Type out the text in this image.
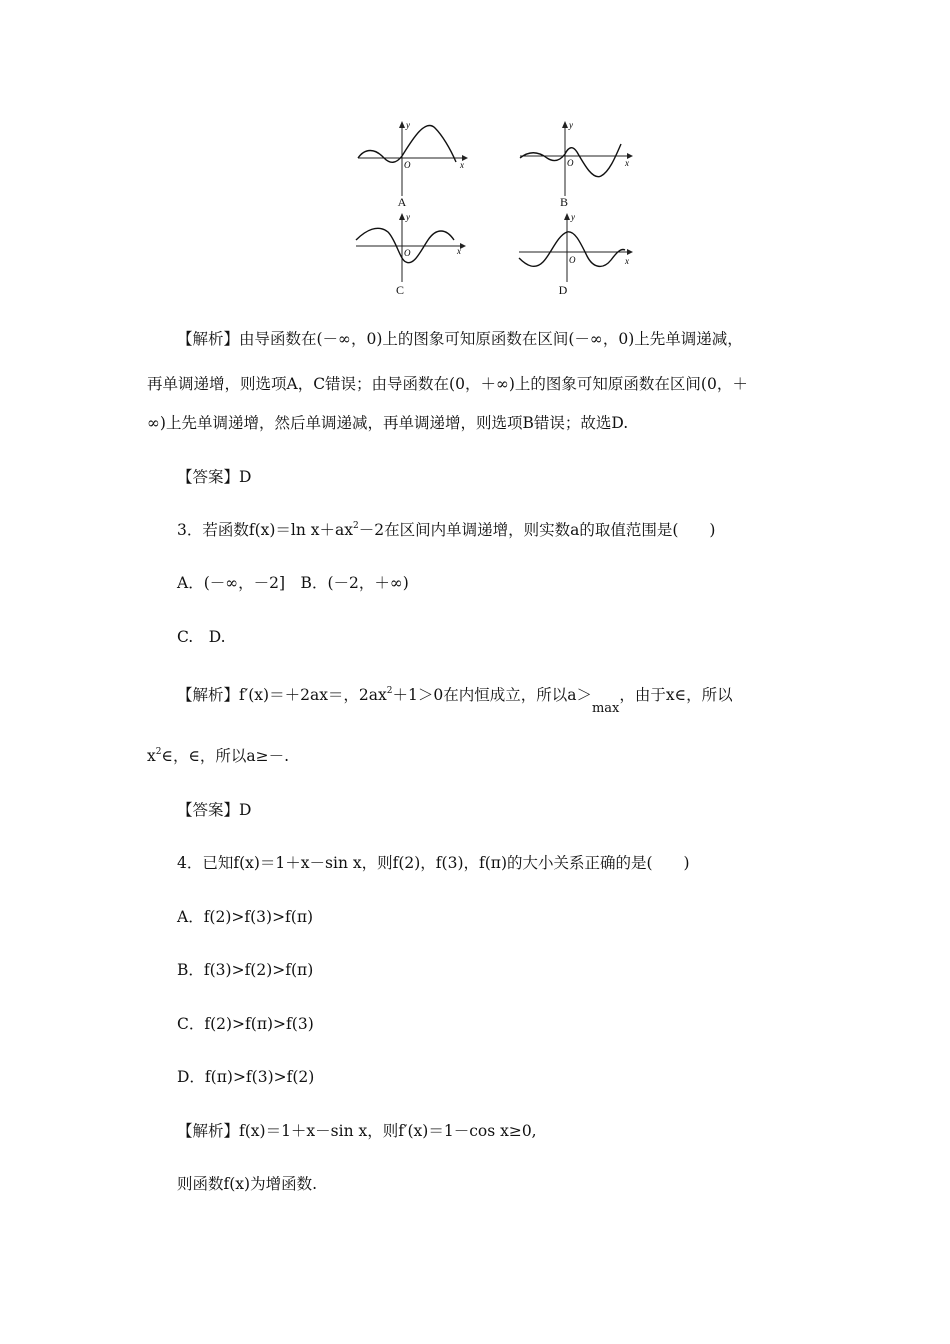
y
x
O
A
y
x
O
B
y
x
O
C
y
x
O
D
【解析】由导函数在(－∞，0)上的图象可知原函数在区间(－∞，0)上先单调递减，
再单调递增，则选项A，C错误；由导函数在(0，＋∞)上的图象可知原函数在区间(0，＋
∞)上先单调递增，然后单调递减，再单调递增，则选项B错误；故选D.
【答案】D
3．若函数f(x)＝ln $x+ax^2-2$在区间内单调递增，则实数a的取值范围是(　　)
A．(－∞，－2]　B．(－2，＋∞)
C.　D.
【解析】f′(x)＝＋2ax＝，$2ax^2+1>0$在内恒成立，所以$a>_{max}$，由于x∈，所以
$x^2\in$，∈，所以a≥－.
【答案】D
4．已知f(x)＝1＋x－sin x，则f(2)，f(3)，f(π)的大小关系正确的是(　　)
A．f(2)>f(3)>f(π)
B．f(3)>f(2)>f(π)
C．f(2)>f(π)>f(3)
D．f(π)>f(3)>f(2)
【解析】f(x)＝1＋x－sin x，则f′(x)＝1－cos x≥0,
则函数f(x)为增函数.
